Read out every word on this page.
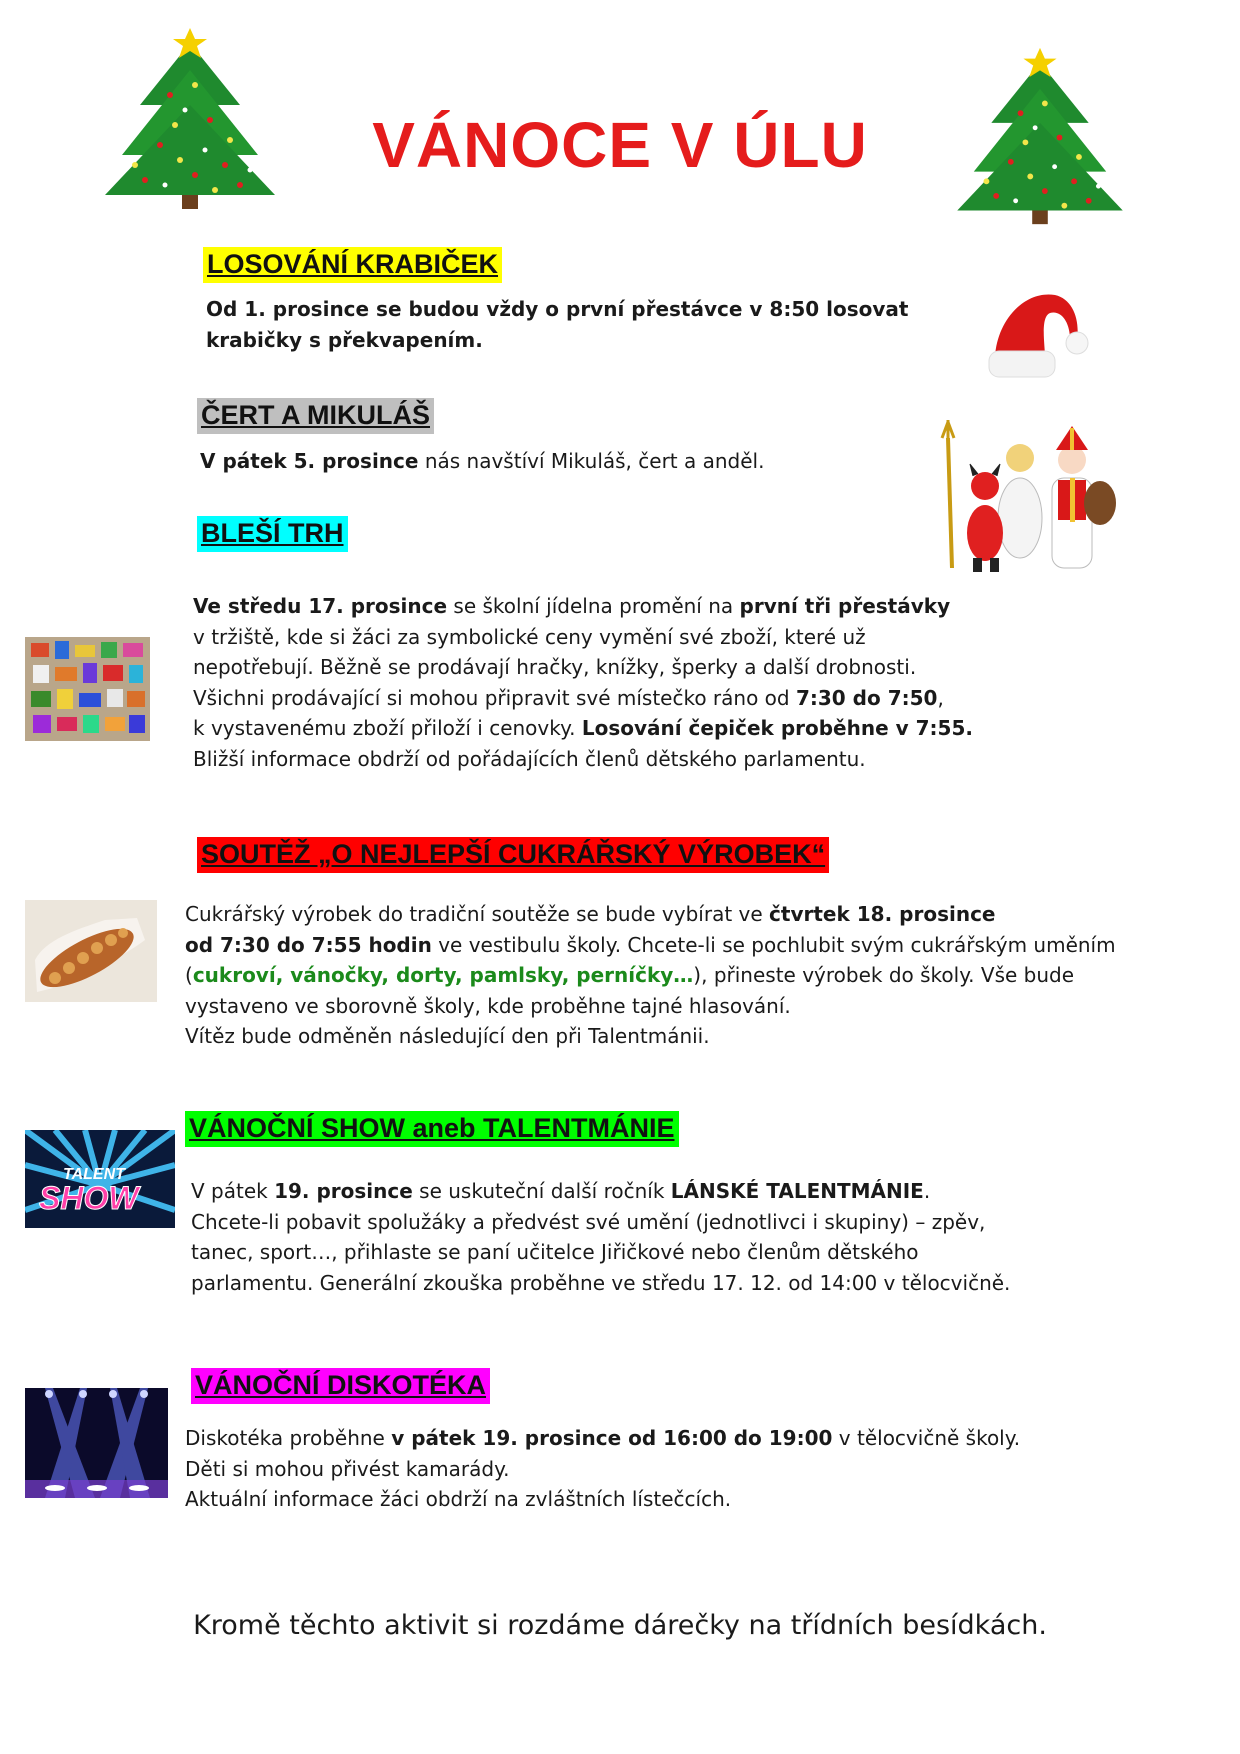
VÁNOCE V ÚLU
LOSOVÁNÍ KRABIČEK
Od 1. prosince se budou vždy o první přestávce v 8:50 losovat
krabičky s překvapením.
ČERT A MIKULÁŠ
V pátek 5. prosince nás navštíví Mikuláš, čert a anděl.
BLEŠÍ TRH
Ve středu 17. prosince se školní jídelna promění na první tři přestávky
v tržiště, kde si žáci za symbolické ceny vymění své zboží, které už
nepotřebují. Běžně se prodávají hračky, knížky, šperky a další drobnosti.
Všichni prodávající si mohou připravit své místečko ráno od 7:30 do 7:50,
k vystavenému zboží přiloží i cenovky. Losování čepiček proběhne v 7:55.
Bližší informace obdrží od pořádajících členů dětského parlamentu.
SOUTĚŽ „O NEJLEPŠÍ CUKRÁŘSKÝ VÝROBEK“
Cukrářský výrobek do tradiční soutěže se bude vybírat ve čtvrtek 18. prosince
od 7:30 do 7:55 hodin ve vestibulu školy. Chcete-li se pochlubit svým cukrářským uměním
(cukroví, vánočky, dorty, pamlsky, perníčky…), přineste výrobek do školy. Vše bude
vystaveno ve sborovně školy, kde proběhne tajné hlasování.
Vítěz bude odměněn následující den při Talentmánii.
VÁNOČNÍ SHOW aneb TALENTMÁNIE
TALENT
SHOW	V pátek 19. prosince se uskuteční další ročník LÁNSKÉ TALENTMÁNIE.
Chcete-li pobavit spolužáky a předvést své umění (jednotlivci i skupiny) – zpěv,
tanec, sport…, přihlaste se paní učitelce Jiřičkové nebo členům dětského
parlamentu. Generální zkouška proběhne ve středu 17. 12. od 14:00 v tělocvičně.
VÁNOČNÍ DISKOTÉKA
Diskotéka proběhne v pátek 19. prosince od 16:00 do 19:00 v tělocvičně školy.
Děti si mohou přivést kamarády.
Aktuální informace žáci obdrží na zvláštních lístečcích.
Kromě těchto aktivit si rozdáme dárečky na třídních besídkách.
